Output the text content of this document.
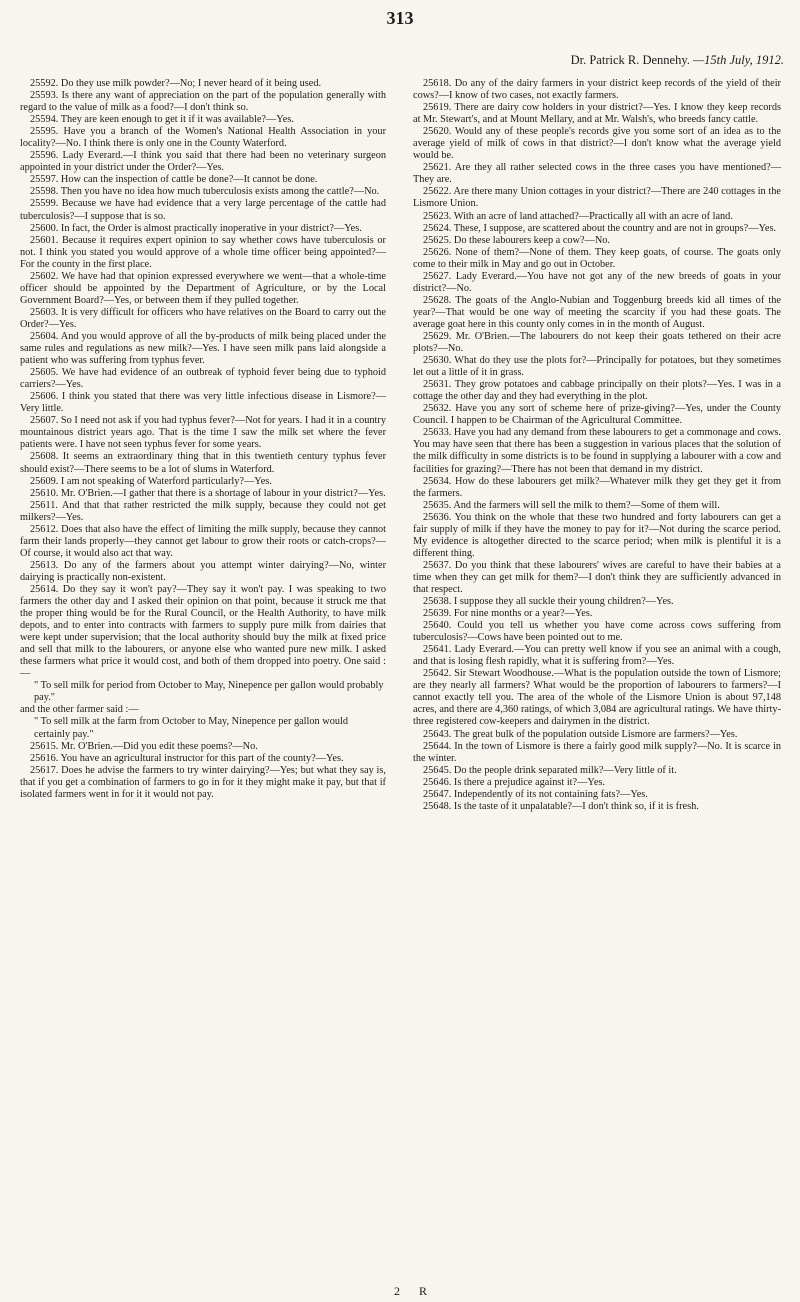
313
Dr. Patrick R. Dennehy. —15th July, 1912.

25592. Do they use milk powder?—No; I never heard of it being used.

25593. Is there any want of appreciation on the part of the population generally with regard to the value of milk as a food?—I don't think so.

25594. They are keen enough to get it if it was available?—Yes.

25595. Have you a branch of the Women's National Health Association in your locality?—No. I think there is only one in the County Waterford.

25596. Lady Everard.—I think you said that there had been no veterinary surgeon appointed in your district under the Order?—Yes.

25597. How can the inspection of cattle be done?—It cannot be done.

25598. Then you have no idea how much tuberculosis exists among the cattle?—No.

25599. Because we have had evidence that a very large percentage of the cattle had tuberculosis?—I suppose that is so.

25600. In fact, the Order is almost practically inoperative in your district?—Yes.

25601. Because it requires expert opinion to say whether cows have tuberculosis or not. I think you stated you would approve of a whole time officer being appointed?—For the county in the first place.

25602. We have had that opinion expressed everywhere we went—that a whole-time officer should be appointed by the Department of Agriculture, or by the Local Government Board?—Yes, or between them if they pulled together.

25603. It is very difficult for officers who have relatives on the Board to carry out the Order?—Yes.

25604. And you would approve of all the by-products of milk being placed under the same rules and regulations as new milk?—Yes. I have seen milk pans laid alongside a patient who was suffering from typhus fever.

25605. We have had evidence of an outbreak of typhoid fever being due to typhoid carriers?—Yes.

25606. I think you stated that there was very little infectious disease in Lismore?—Very little.

25607. So I need not ask if you had typhus fever?—Not for years. I had it in a country mountainous district years ago. That is the time I saw the milk set where the fever patients were. I have not seen typhus fever for some years.

25608. It seems an extraordinary thing that in this twentieth century typhus fever should exist?—There seems to be a lot of slums in Waterford.

25609. I am not speaking of Waterford particularly?—Yes.

25610. Mr. O'Brien.—I gather that there is a shortage of labour in your district?—Yes.

25611. And that that rather restricted the milk supply, because they could not get milkers?—Yes.

25612. Does that also have the effect of limiting the milk supply, because they cannot farm their lands properly—they cannot get labour to grow their roots or catch-crops?—Of course, it would also act that way.

25613. Do any of the farmers about you attempt winter dairying?—No, winter dairying is practically non-existent.

25614. Do they say it won't pay?—They say it won't pay. I was speaking to two farmers the other day and I asked their opinion on that point, because it struck me that the proper thing would be for the Rural Council, or the Health Authority, to have milk depots, and to enter into contracts with farmers to supply pure milk from dairies that were kept under supervision; that the local authority should buy the milk at fixed price and sell that milk to the labourers, or anyone else who wanted pure new milk. I asked these farmers what price it would cost, and both of them dropped into poetry. One said :—

" To sell milk for period from October to May, Ninepence per gallon would probably pay."

and the other farmer said :—

" To sell milk at the farm from October to May, Ninepence per gallon would certainly pay."

25615. Mr. O'Brien.—Did you edit these poems?—No.

25616. You have an agricultural instructor for this part of the county?—Yes.

25617. Does he advise the farmers to try winter dairying?—Yes; but what they say is, that if you get a combination of farmers to go in for it they might make it pay, but that if isolated farmers went in for it it would not pay.

25618. Do any of the dairy farmers in your district keep records of the yield of their cows?—I know of two cases, not exactly farmers.

25619. There are dairy cow holders in your district?—Yes. I know they keep records at Mr. Stewart's, and at Mount Mellary, and at Mr. Walsh's, who breeds fancy cattle.

25620. Would any of these people's records give you some sort of an idea as to the average yield of milk of cows in that district?—I don't know what the average yield would be.

25621. Are they all rather selected cows in the three cases you have mentioned?—They are.

25622. Are there many Union cottages in your district?—There are 240 cottages in the Lismore Union.

25623. With an acre of land attached?—Practically all with an acre of land.

25624. These, I suppose, are scattered about the country and are not in groups?—Yes.

25625. Do these labourers keep a cow?—No.

25626. None of them?—None of them. They keep goats, of course. The goats only come to their milk in May and go out in October.

25627. Lady Everard.—You have not got any of the new breeds of goats in your district?—No.

25628. The goats of the Anglo-Nubian and Toggenburg breeds kid all times of the year?—That would be one way of meeting the scarcity if you had these goats. The average goat here in this county only comes in in the month of August.

25629. Mr. O'Brien.—The labourers do not keep their goats tethered on their acre plots?—No.

25630. What do they use the plots for?—Principally for potatoes, but they sometimes let out a little of it in grass.

25631. They grow potatoes and cabbage principally on their plots?—Yes. I was in a cottage the other day and they had everything in the plot.

25632. Have you any sort of scheme here of prize-giving?—Yes, under the County Council. I happen to be Chairman of the Agricultural Committee.

25633. Have you had any demand from these labourers to get a commonage and cows. You may have seen that there has been a suggestion in various places that the solution of the milk difficulty in some districts is to be found in supplying a labourer with a cow and facilities for grazing?—There has not been that demand in my district.

25634. How do these labourers get milk?—Whatever milk they get they get it from the farmers.

25635. And the farmers will sell the milk to them?—Some of them will.

25636. You think on the whole that these two hundred and forty labourers can get a fair supply of milk if they have the money to pay for it?—Not during the scarce period. My evidence is altogether directed to the scarce period; when milk is plentiful it is a different thing.

25637. Do you think that these labourers' wives are careful to have their babies at a time when they can get milk for them?—I don't think they are sufficiently advanced in that respect.

25638. I suppose they all suckle their young children?—Yes.

25639. For nine months or a year?—Yes.

25640. Could you tell us whether you have come across cows suffering from tuberculosis?—Cows have been pointed out to me.

25641. Lady Everard.—You can pretty well know if you see an animal with a cough, and that is losing flesh rapidly, what it is suffering from?—Yes.

25642. Sir Stewart Woodhouse.—What is the population outside the town of Lismore; are they nearly all farmers? What would be the proportion of labourers to farmers?—I cannot exactly tell you. The area of the whole of the Lismore Union is about 97,148 acres, and there are 4,360 ratings, of which 3,084 are agricultural ratings. We have thirty-three registered cow-keepers and dairymen in the district.

25643. The great bulk of the population outside Lismore are farmers?—Yes.

25644. In the town of Lismore is there a fairly good milk supply?—No. It is scarce in the winter.

25645. Do the people drink separated milk?—Very little of it.

25646. Is there a prejudice against it?—Yes.

25647. Independently of its not containing fats?—Yes.

25648. Is the taste of it unpalatable?—I don't think so, if it is fresh.

2 R
